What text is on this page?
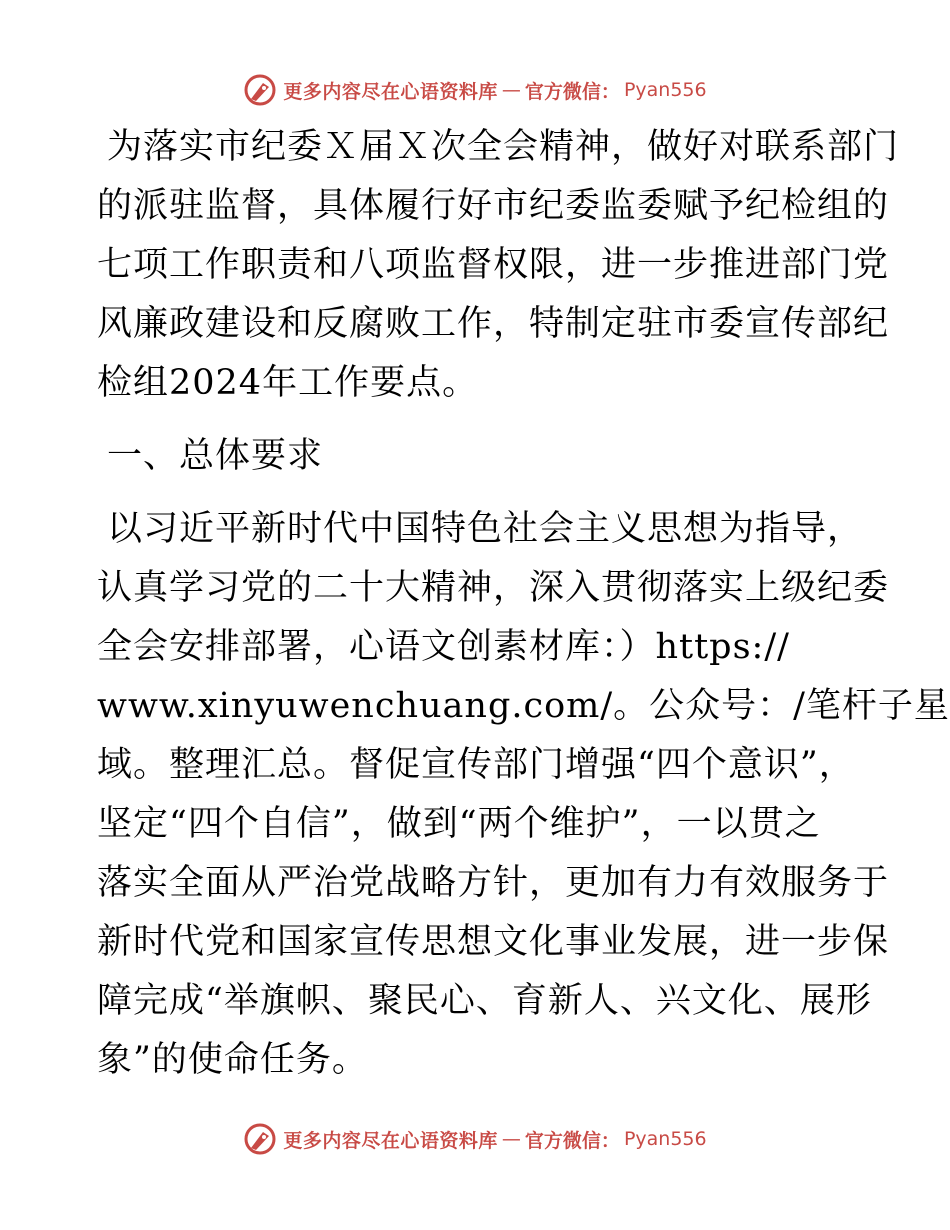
更多内容尽在心语资料库 — 官方微信： Pyan556
为落实市纪委Ｘ届Ｘ次全会精神，做好对联系部门
的派驻监督，具体履行好市纪委监委赋予纪检组的
七项工作职责和八项监督权限，进一步推进部门党
风廉政建设和反腐败工作，特制定驻市委宣传部纪
检组2024年工作要点。
一、总体要求
以习近平新时代中国特色社会主义思想为指导，
认真学习党的二十大精神，深入贯彻落实上级纪委
全会安排部署，心语文创素材库：）https://
www.xinyuwenchuang.com/。公众号：/笔杆子星
域。整理汇总。督促宣传部门增强“四个意识”，
坚定“四个自信”，做到“两个维护”，一以贯之
落实全面从严治党战略方针，更加有力有效服务于
新时代党和国家宣传思想文化事业发展，进一步保
障完成“举旗帜、聚民心、育新人、兴文化、展形
象”的使命任务。
更多内容尽在心语资料库 — 官方微信： Pyan556
